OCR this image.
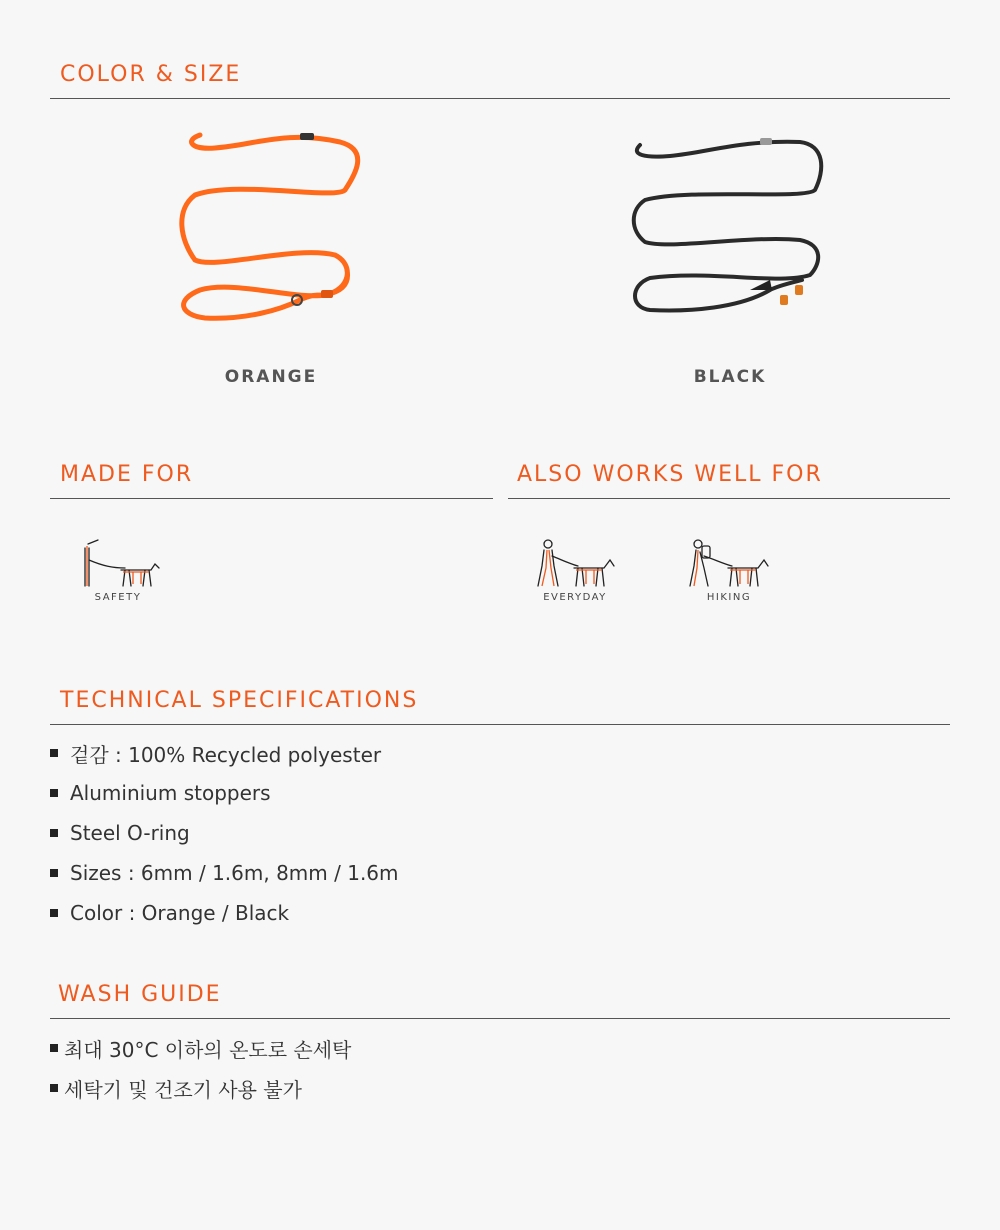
COLOR & SIZE
ORANGE	BLACK
MADE FOR	ALSO WORKS WELL FOR
SAFETY	EVERYDAY	HIKING
TECHNICAL SPECIFICATIONS
겉감 : 100% Recycled polyester
Aluminium stoppers
Steel O-ring
Sizes : 6mm / 1.6m, 8mm / 1.6m
Color : Orange / Black
WASH GUIDE
최대 30°C 이하의 온도로 손세탁
세탁기 및 건조기 사용 불가
